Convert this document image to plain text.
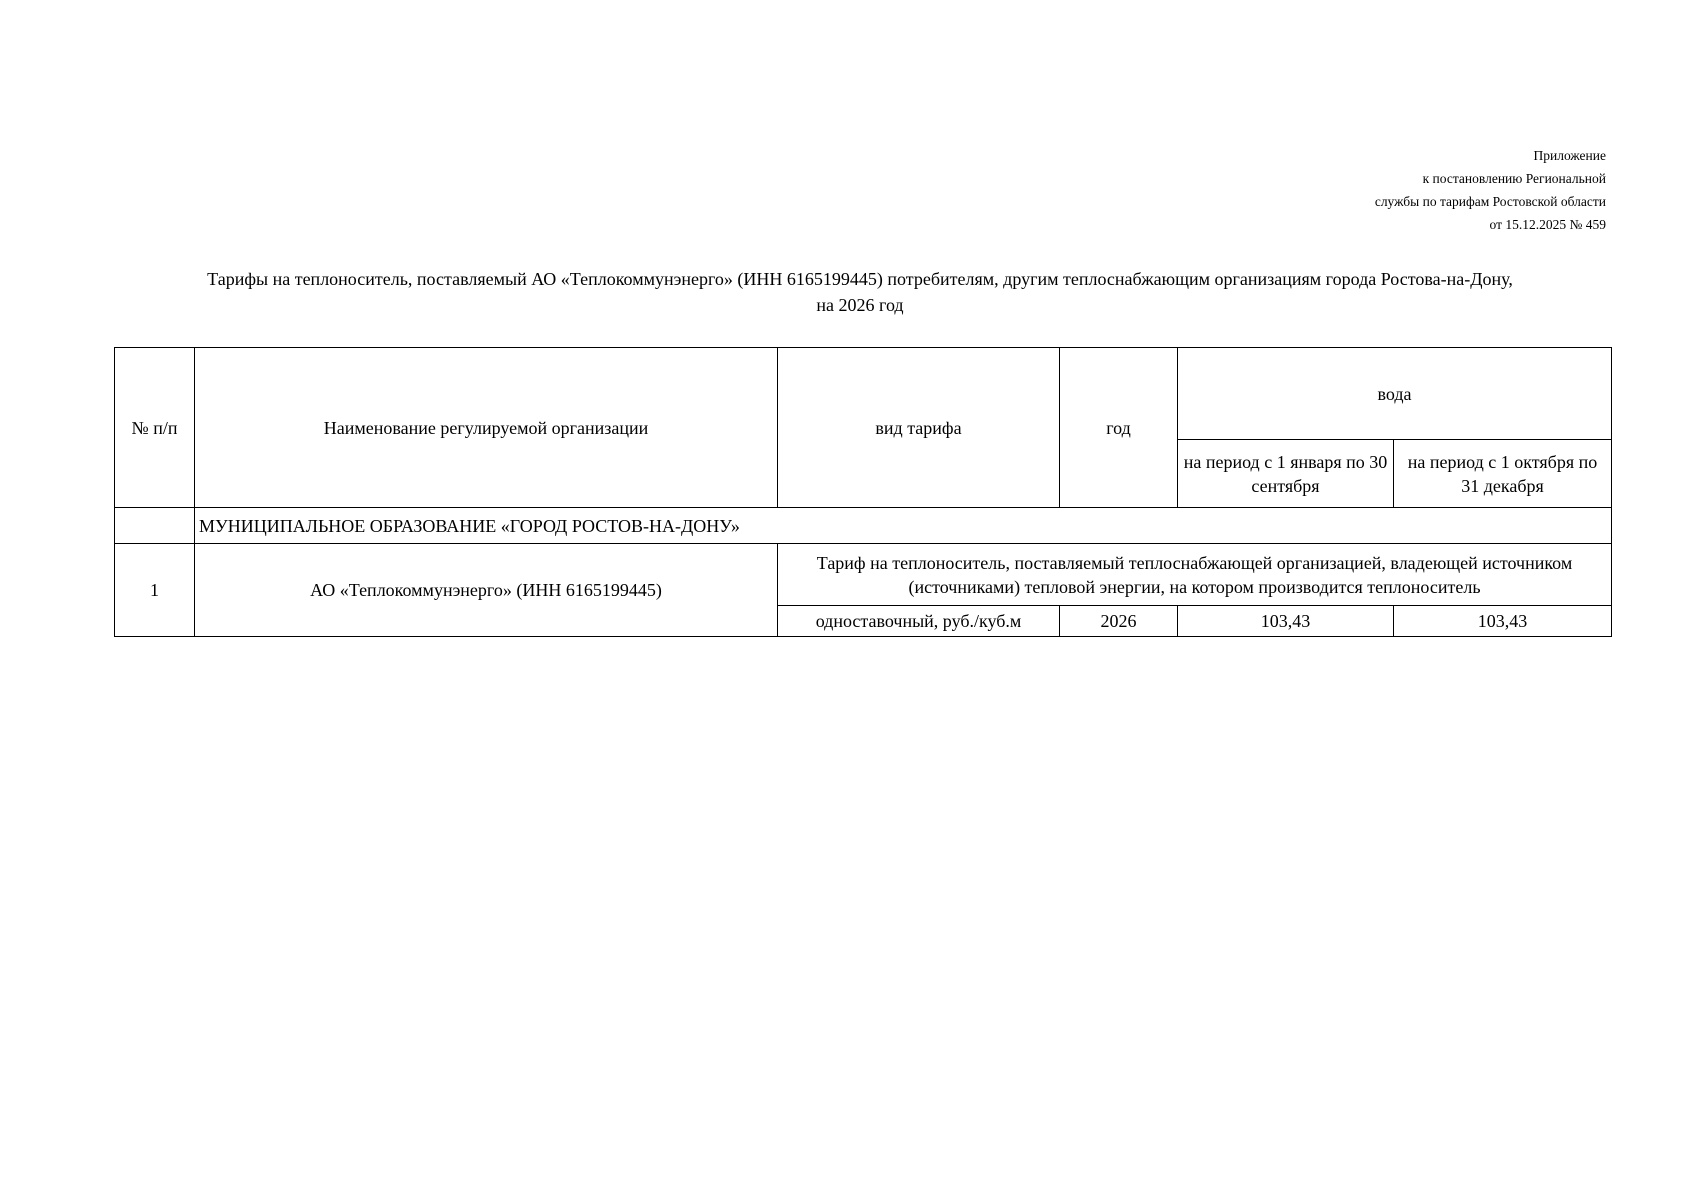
Приложение
к постановлению Региональной
службы по тарифам Ростовской области
от 15.12.2025 № 459
Тарифы на теплоноситель, поставляемый АО «Теплокоммунэнерго» (ИНН 6165199445) потребителям, другим теплоснабжающим организациям города Ростова-на-Дону,
на 2026 год
№ п/п	Наименование регулируемой организации	вид тарифа	год	вода	
				на период с 1 января по 30 сентября	на период с 1 октября по 31 декабря
	МУНИЦИПАЛЬНОЕ ОБРАЗОВАНИЕ «ГОРОД РОСТОВ-НА-ДОНУ»				
1	АО «Теплокоммунэнерго» (ИНН 6165199445)	Тариф на теплоноситель, поставляемый теплоснабжающей организацией, владеющей источником (источниками) тепловой энергии, на котором производится теплоноситель			
		одноставочный, руб./куб.м	2026	103,43	103,43
